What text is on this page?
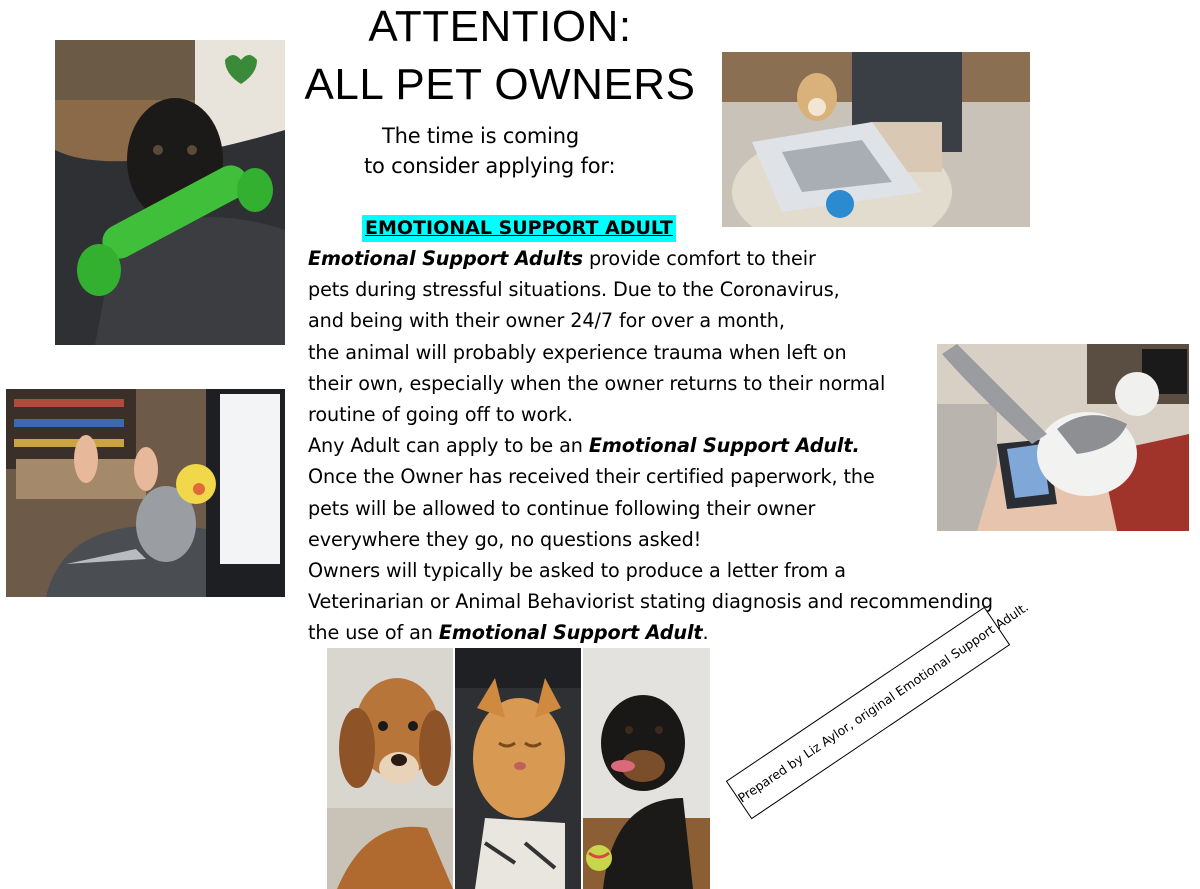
ATTENTION:
ALL PET OWNERS
The time is coming
to consider applying for:
EMOTIONAL SUPPORT ADULT
Emotional Support Adults provide comfort to their
pets during stressful situations. Due to the Coronavirus,
and being with their owner 24/7 for over a month,
the animal will probably experience trauma when left on
their own, especially when the owner returns to their normal
routine of going off to work.
Any Adult can apply to be an Emotional Support Adult.
Once the Owner has received their certified paperwork, the
pets will be allowed to continue following their owner
everywhere they go, no questions asked!
Owners will typically be asked to produce a letter from a
Veterinarian or Animal Behaviorist stating diagnosis and recommending
the use of an Emotional Support Adult.	Prepared by Liz Aylor, original Emotional Support Adult.
